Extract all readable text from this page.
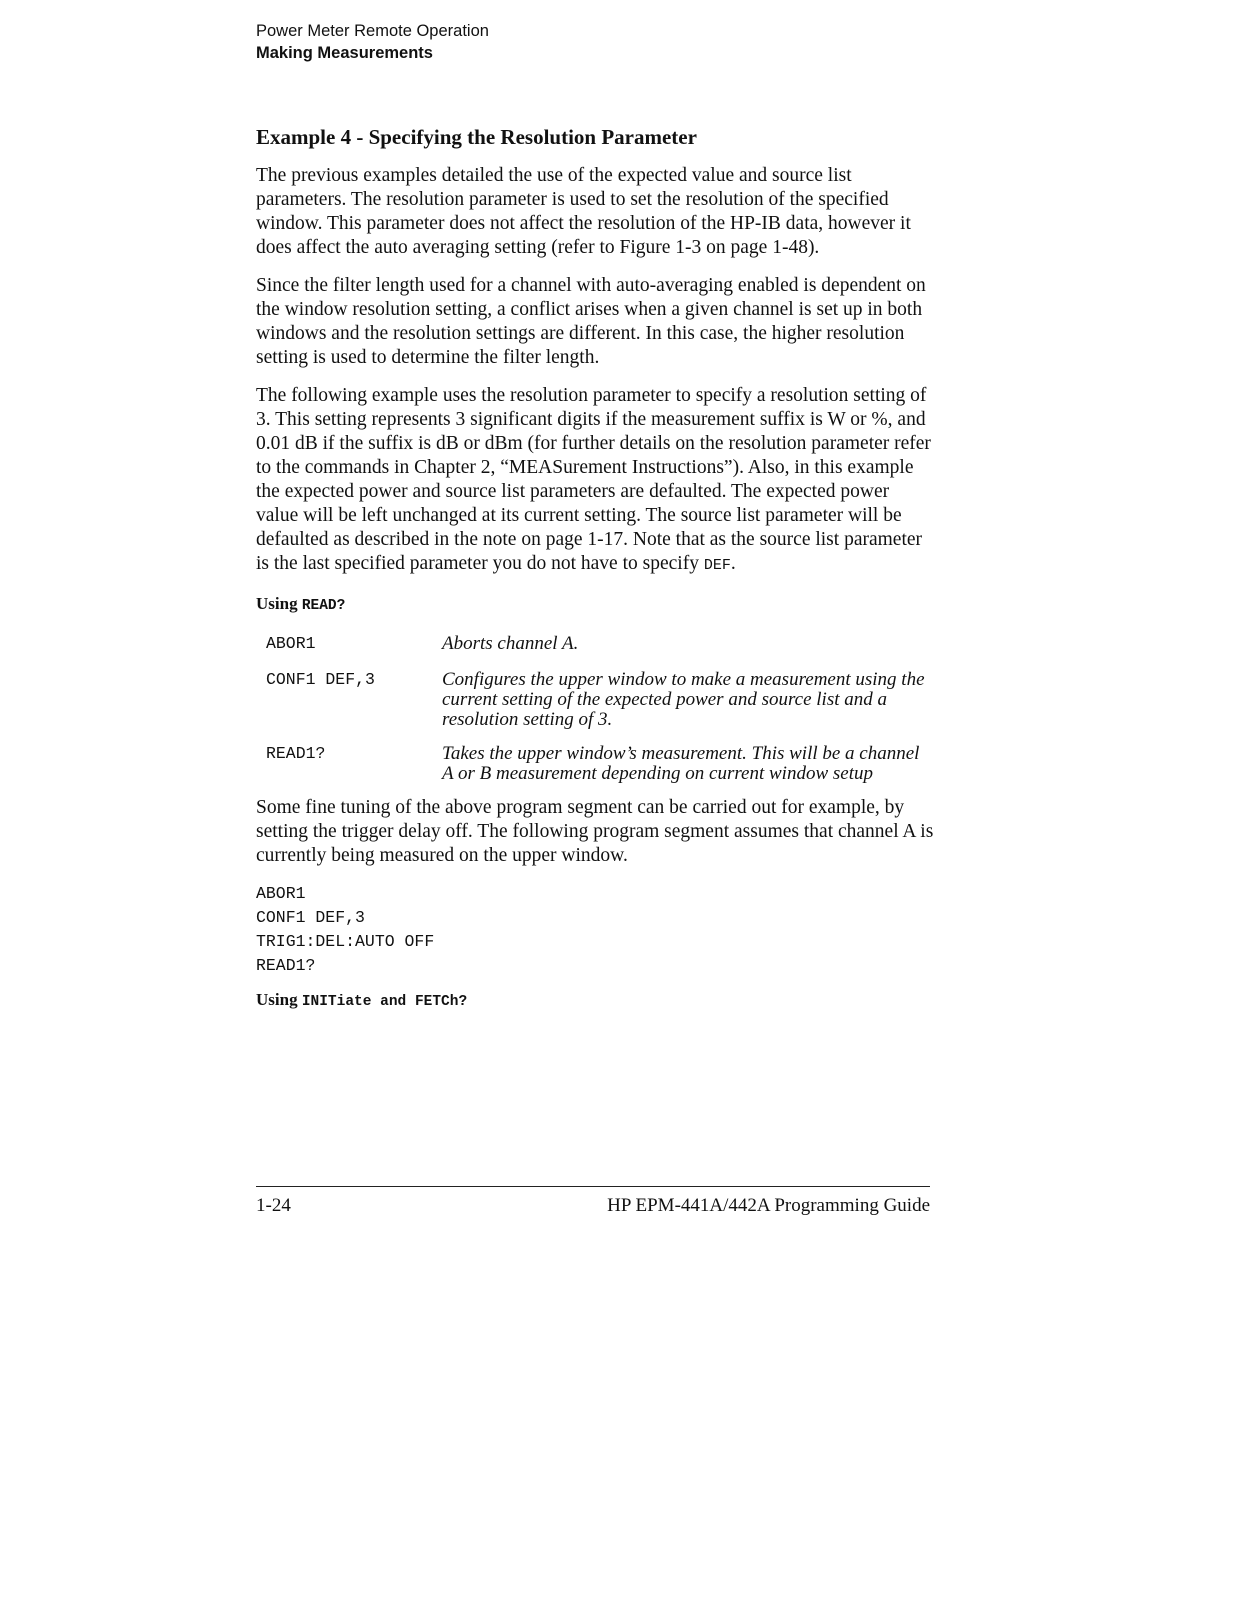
Power Meter Remote Operation
Making Measurements
Example 4 - Specifying the Resolution Parameter

The previous examples detailed the use of the expected value and source list parameters. The resolution parameter is used to set the resolution of the specified window. This parameter does not affect the resolution of the HP-IB data, however it does affect the auto averaging setting (refer to Figure 1-3 on page 1-48).

Since the filter length used for a channel with auto-averaging enabled is dependent on the window resolution setting, a conflict arises when a given channel is set up in both windows and the resolution settings are different. In this case, the higher resolution setting is used to determine the filter length.

The following example uses the resolution parameter to specify a resolution setting of 3. This setting represents 3 significant digits if the measurement suffix is W or %, and 0.01 dB if the suffix is dB or dBm (for further details on the resolution parameter refer to the commands in Chapter 2, “MEASurement Instructions”). Also, in this example the expected power and source list parameters are defaulted. The expected power value will be left unchanged at its current setting. The source list parameter will be defaulted as described in the note on page 1-17. Note that as the source list parameter is the last specified parameter you do not have to specify DEF.

Using READ?
ABOR1	Aborts channel A.
CONF1 DEF,3	Configures the upper window to make a measurement using the current setting of the expected power and source list and a resolution setting of 3.
READ1?	Takes the upper window’s measurement. This will be a channel A or B measurement depending on current window setup

Some fine tuning of the above program segment can be carried out for example, by setting the trigger delay off. The following program segment assumes that channel A is currently being measured on the upper window.

ABOR1
CONF1 DEF,3
TRIG1:DEL:AUTO OFF
READ1?
Using INITiate and FETCh?
1-24	HP EPM-441A/442A Programming Guide
